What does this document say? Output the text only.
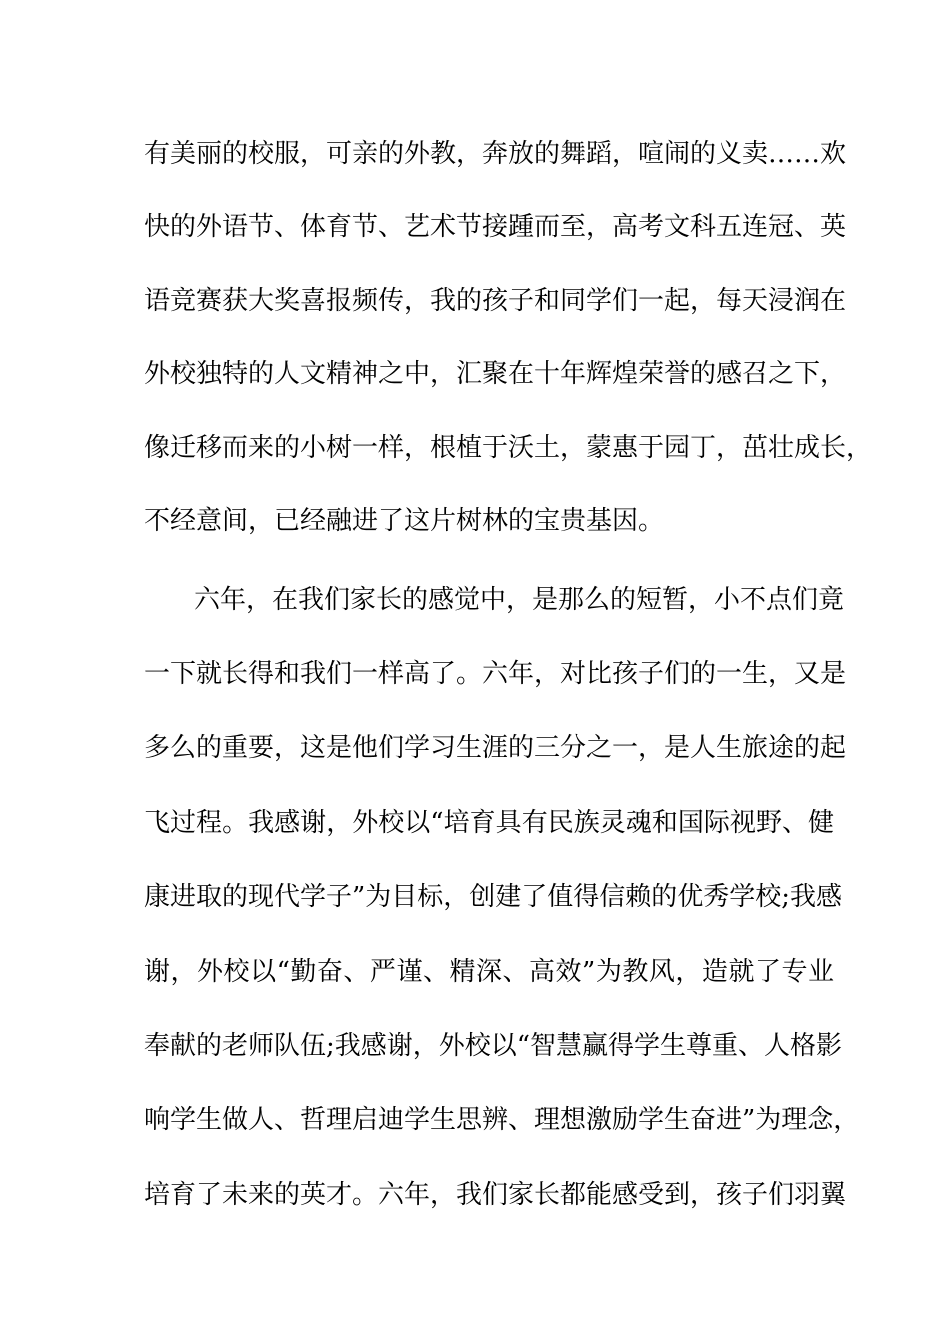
有美丽的校服，可亲的外教，奔放的舞蹈，喧闹的义卖……欢
快的外语节、体育节、艺术节接踵而至，高考文科五连冠、英
语竞赛获大奖喜报频传，我的孩子和同学们一起，每天浸润在
外校独特的人文精神之中，汇聚在十年辉煌荣誉的感召之下，
像迁移而来的小树一样，根植于沃土，蒙惠于园丁，茁壮成长，
不经意间，已经融进了这片树林的宝贵基因。
六年，在我们家长的感觉中，是那么的短暂，小不点们竟
一下就长得和我们一样高了。六年，对比孩子们的一生，又是
多么的重要，这是他们学习生涯的三分之一，是人生旅途的起
飞过程。我感谢，外校以“培育具有民族灵魂和国际视野、健
康进取的现代学子”为目标，创建了值得信赖的优秀学校;我感
谢，外校以“勤奋、严谨、精深、高效”为教风，造就了专业
奉献的老师队伍;我感谢，外校以“智慧赢得学生尊重、人格影
响学生做人、哲理启迪学生思辨、理想激励学生奋进”为理念，
培育了未来的英才。六年，我们家长都能感受到，孩子们羽翼
